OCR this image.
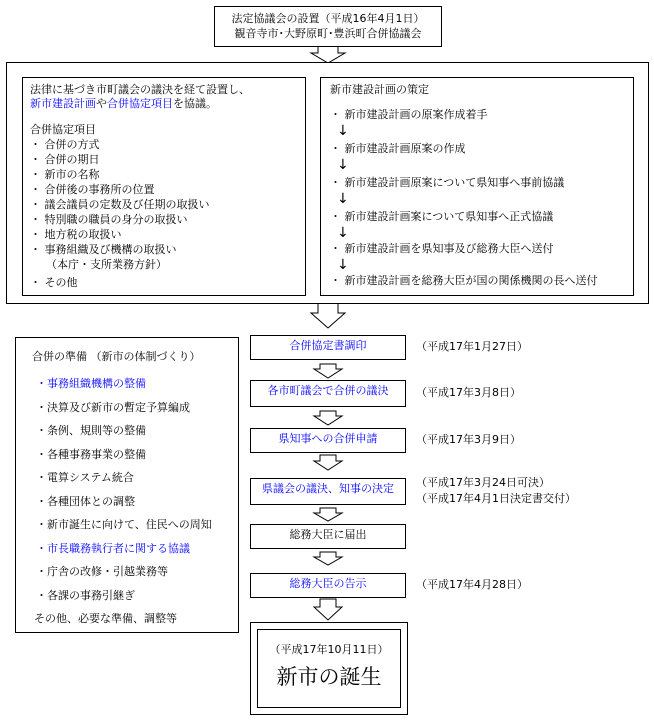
法定協議会の設置（平成16年4月1日）
観音寺市･大野原町･豊浜町合併協議会
法律に基づき市町議会の議決を経て設置し、
新市建設計画や合併協定項目を協議。
合併協定項目
・ 合併の方式
・ 合併の期日
・ 新市の名称
・ 合併後の事務所の位置
・ 議会議員の定数及び任期の取扱い
・ 特別職の職員の身分の取扱い
・ 地方税の取扱い
・ 事務組織及び機構の取扱い
（本庁・支所業務方針）
・ その他
新市建設計画の策定
・ 新市建設計画の原案作成着手
↓
・ 新市建設計画原案の作成
↓
・ 新市建設計画原案について県知事へ事前協議
↓
・ 新市建設計画案について県知事へ正式協議
↓
・ 新市建設計画を県知事及び総務大臣へ送付
↓
・ 新市建設計画を総務大臣が国の関係機関の長へ送付
合併の準備 （新市の体制づくり）
・事務組織機構の整備
・決算及び新市の暫定予算編成
・条例、規則等の整備
・各種事務事業の整備
・電算システム統合
・各種団体との調整
・新市誕生に向けて、住民への周知
・市長職務執行者に関する協議
・庁舎の改修・引越業務等
・各課の事務引継ぎ
その他、必要な準備、調整等
合併協定書調印	（平成17年1月27日）
各市町議会で合併の議決	（平成17年3月8日）
県知事への合併申請	（平成17年3月9日）
県議会の議決、知事の決定	（平成17年3月24日可決）
（平成17年4月1日決定書交付）
総務大臣に届出
総務大臣の告示	（平成17年4月28日）
（平成17年10月11日）
新市の誕生
